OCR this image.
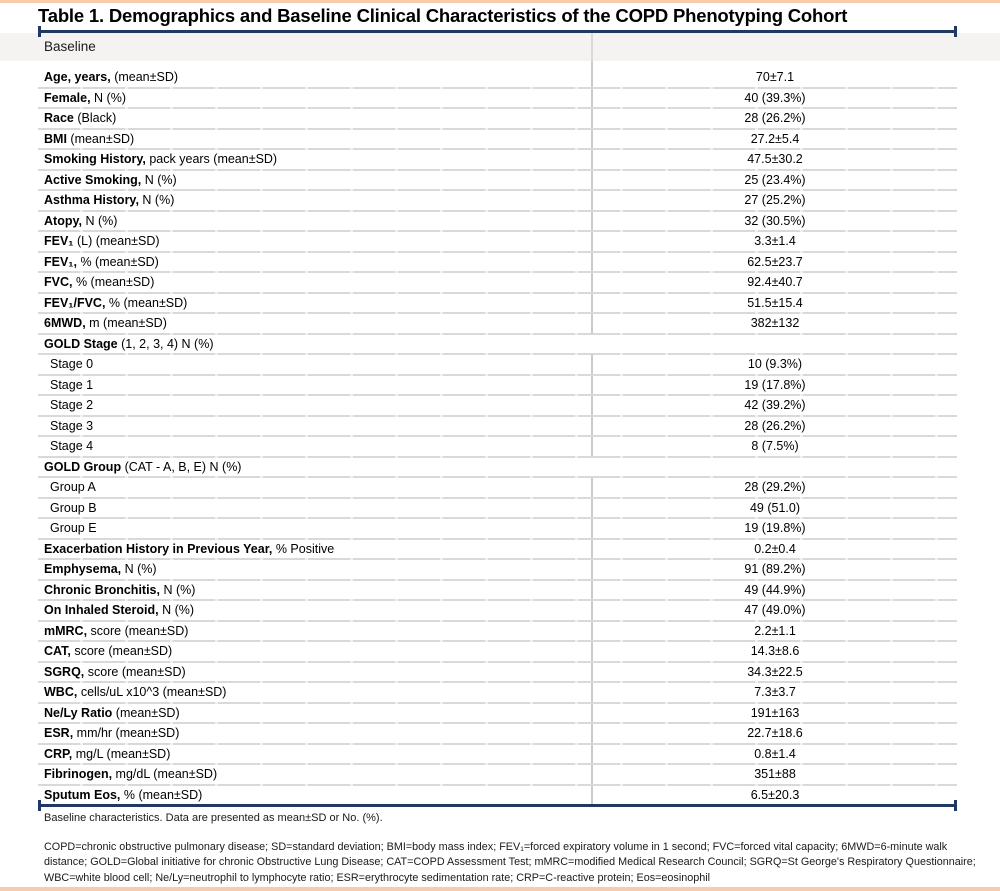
Table 1. Demographics and Baseline Clinical Characteristics of the COPD Phenotyping Cohort
Baseline
Age, years, (mean±SD)	70±7.1
Female, N (%)	40 (39.3%)
Race (Black)	28 (26.2%)
BMI (mean±SD)	27.2±5.4
Smoking History, pack years (mean±SD)	47.5±30.2
Active Smoking, N (%)	25 (23.4%)
Asthma History, N (%)	27 (25.2%)
Atopy, N (%)	32 (30.5%)
FEV₁ (L) (mean±SD)	3.3±1.4
FEV₁, % (mean±SD)	62.5±23.7
FVC, % (mean±SD)	92.4±40.7
FEV₁/FVC, % (mean±SD)	51.5±15.4
6MWD, m (mean±SD)	382±132
GOLD Stage (1, 2, 3, 4) N (%)
Stage 0	10 (9.3%)
Stage 1	19 (17.8%)
Stage 2	42 (39.2%)
Stage 3	28 (26.2%)
Stage 4	8 (7.5%)
GOLD Group (CAT - A, B, E) N (%)
Group A	28 (29.2%)
Group B	49 (51.0)
Group E	19 (19.8%)
Exacerbation History in Previous Year, % Positive	0.2±0.4
Emphysema, N (%)	91 (89.2%)
Chronic Bronchitis, N (%)	49 (44.9%)
On Inhaled Steroid, N (%)	47 (49.0%)
mMRC, score (mean±SD)	2.2±1.1
CAT, score (mean±SD)	14.3±8.6
SGRQ, score (mean±SD)	34.3±22.5
WBC, cells/uL x10^3 (mean±SD)	7.3±3.7
Ne/Ly Ratio (mean±SD)	191±163
ESR, mm/hr (mean±SD)	22.7±18.6
CRP, mg/L (mean±SD)	0.8±1.4
Fibrinogen, mg/dL (mean±SD)	351±88
Sputum Eos, % (mean±SD)	6.5±20.3
Baseline characteristics. Data are presented as mean±SD or No. (%).
COPD=chronic obstructive pulmonary disease; SD=standard deviation; BMI=body mass index; FEV₁=forced expiratory volume in 1 second; FVC=forced vital capacity; 6MWD=6-minute walk distance; GOLD=Global initiative for chronic Obstructive Lung Disease; CAT=COPD Assessment Test; mMRC=modified Medical Research Council; SGRQ=St George's Respiratory Questionnaire; WBC=white blood cell; Ne/Ly=neutrophil to lymphocyte ratio; ESR=erythrocyte sedimentation rate; CRP=C-reactive protein; Eos=eosinophil
